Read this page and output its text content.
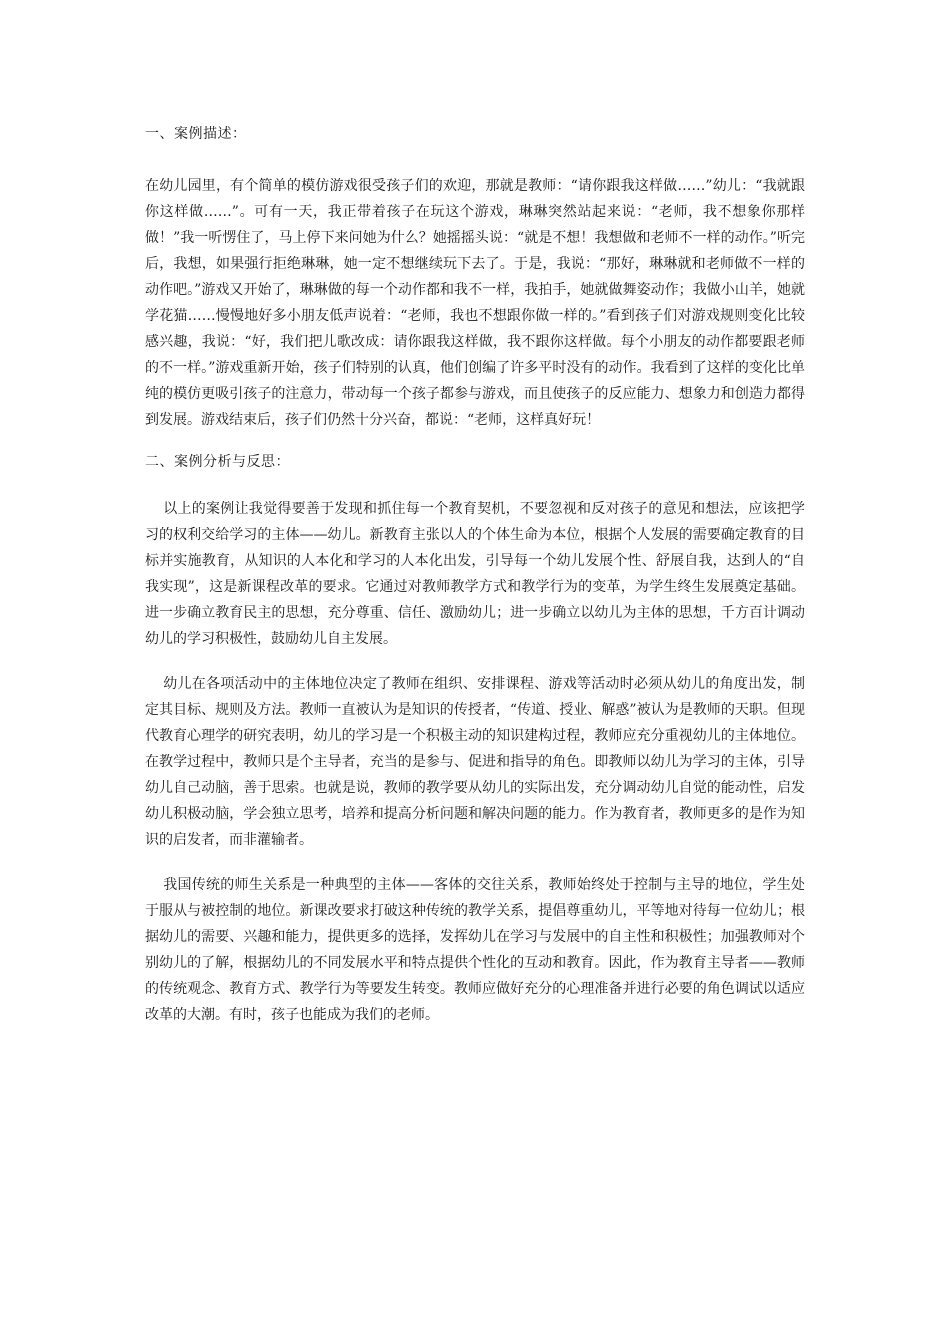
一、案例描述：

在幼儿园里，有个简单的模仿游戏很受孩子们的欢迎，那就是教师：“请你跟我这样做……”幼儿：“我就跟你这样做……”。可有一天，我正带着孩子在玩这个游戏，琳琳突然站起来说：“老师，我不想象你那样做！”我一听愣住了，马上停下来问她为什么？她摇摇头说：“就是不想！我想做和老师不一样的动作。”听完后，我想，如果强行拒绝琳琳，她一定不想继续玩下去了。于是，我说：“那好，琳琳就和老师做不一样的动作吧。”游戏又开始了，琳琳做的每一个动作都和我不一样，我拍手，她就做舞姿动作；我做小山羊，她就学花猫……慢慢地好多小朋友低声说着：“老师，我也不想跟你做一样的。”看到孩子们对游戏规则变化比较感兴趣，我说：“好，我们把儿歌改成：请你跟我这样做，我不跟你这样做。每个小朋友的动作都要跟老师的不一样。”游戏重新开始，孩子们特别的认真，他们创编了许多平时没有的动作。我看到了这样的变化比单纯的模仿更吸引孩子的注意力，带动每一个孩子都参与游戏，而且使孩子的反应能力、想象力和创造力都得到发展。游戏结束后，孩子们仍然十分兴奋，都说：“老师，这样真好玩！

二、案例分析与反思：

以上的案例让我觉得要善于发现和抓住每一个教育契机，不要忽视和反对孩子的意见和想法，应该把学习的权利交给学习的主体——幼儿。新教育主张以人的个体生命为本位，根据个人发展的需要确定教育的目标并实施教育，从知识的人本化和学习的人本化出发，引导每一个幼儿发展个性、舒展自我，达到人的“自我实现”，这是新课程改革的要求。它通过对教师教学方式和教学行为的变革，为学生终生发展奠定基础。进一步确立教育民主的思想，充分尊重、信任、激励幼儿；进一步确立以幼儿为主体的思想，千方百计调动幼儿的学习积极性，鼓励幼儿自主发展。

幼儿在各项活动中的主体地位决定了教师在组织、安排课程、游戏等活动时必须从幼儿的角度出发，制定其目标、规则及方法。教师一直被认为是知识的传授者，“传道、授业、解惑”被认为是教师的天职。但现代教育心理学的研究表明，幼儿的学习是一个积极主动的知识建构过程，教师应充分重视幼儿的主体地位。在教学过程中，教师只是个主导者，充当的是参与、促进和指导的角色。即教师以幼儿为学习的主体，引导幼儿自己动脑，善于思索。也就是说，教师的教学要从幼儿的实际出发，充分调动幼儿自觉的能动性，启发幼儿积极动脑，学会独立思考，培养和提高分析问题和解决问题的能力。作为教育者，教师更多的是作为知识的启发者，而非灌输者。

我国传统的师生关系是一种典型的主体——客体的交往关系，教师始终处于控制与主导的地位，学生处于服从与被控制的地位。新课改要求打破这种传统的教学关系，提倡尊重幼儿，平等地对待每一位幼儿；根据幼儿的需要、兴趣和能力，提供更多的选择，发挥幼儿在学习与发展中的自主性和积极性；加强教师对个别幼儿的了解，根据幼儿的不同发展水平和特点提供个性化的互动和教育。因此，作为教育主导者——教师的传统观念、教育方式、教学行为等要发生转变。教师应做好充分的心理准备并进行必要的角色调试以适应改革的大潮。有时，孩子也能成为我们的老师。
